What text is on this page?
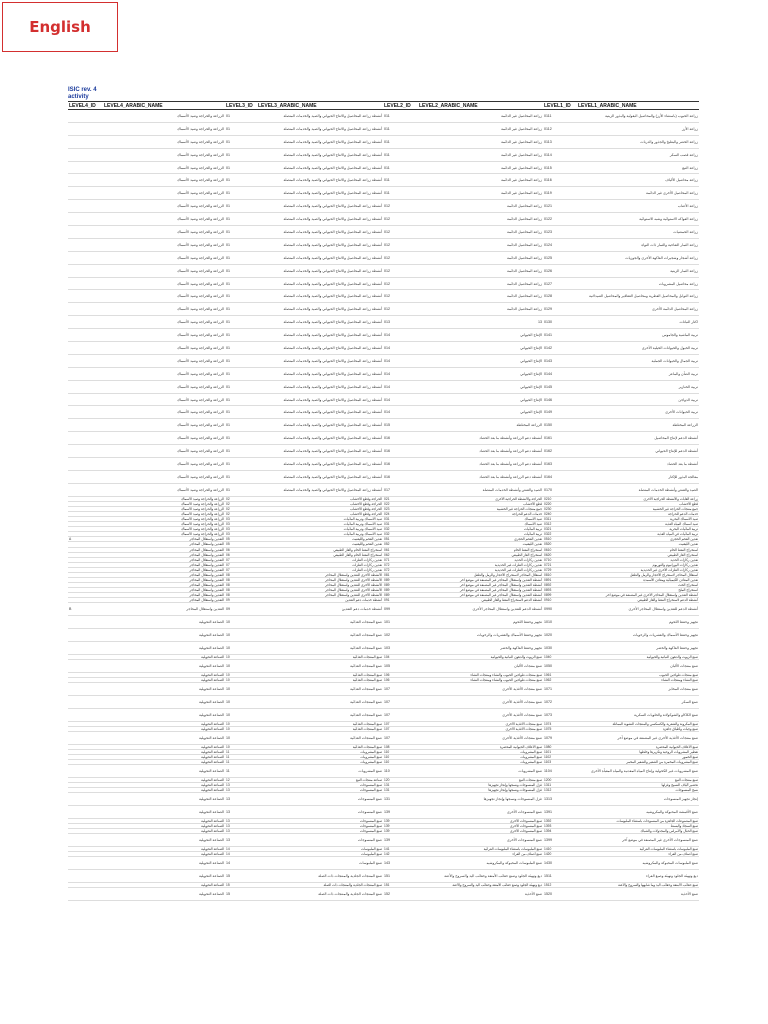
English
ISIC rev. 4
activity
LEVEL4_ID	LEVEL4_ARABIC_NAME	LEVEL3_ID	LEVEL3_ARABIC_NAME	LEVEL2_ID	LEVEL2_ARABIC_NAME	LEVEL1_ID	LEVEL1_ARABIC_NAME
	الزراعة والحراجة وصيد الأسماك	01	أنشطة زراعة المحاصيل والانتاج الحيواني والصيد والخدمات المتصلة	011	زراعة المحاصيل غير الدائمة	0111	زراعة الحبوب (باستثناء الأرز) والمحاصيل البقولية والبذور الزيتية
	الزراعة والحراجة وصيد الأسماك	01	أنشطة زراعة المحاصيل والانتاج الحيواني والصيد والخدمات المتصلة	011	زراعة المحاصيل غير الدائمة	0112	زراعة الأرز
	الزراعة والحراجة وصيد الأسماك	01	أنشطة زراعة المحاصيل والانتاج الحيواني والصيد والخدمات المتصلة	011	زراعة المحاصيل غير الدائمة	0113	زراعة الخضر والبطيخ والجذور والدرنات
	الزراعة والحراجة وصيد الأسماك	01	أنشطة زراعة المحاصيل والانتاج الحيواني والصيد والخدمات المتصلة	011	زراعة المحاصيل غير الدائمة	0114	زراعة قصب السكر
	الزراعة والحراجة وصيد الأسماك	01	أنشطة زراعة المحاصيل والانتاج الحيواني والصيد والخدمات المتصلة	011	زراعة المحاصيل غير الدائمة	0115	زراعة التبغ
	الزراعة والحراجة وصيد الأسماك	01	أنشطة زراعة المحاصيل والانتاج الحيواني والصيد والخدمات المتصلة	011	زراعة المحاصيل غير الدائمة	0116	زراعة محاصيل الألياف
	الزراعة والحراجة وصيد الأسماك	01	أنشطة زراعة المحاصيل والانتاج الحيواني والصيد والخدمات المتصلة	011	زراعة المحاصيل غير الدائمة	0119	زراعة المحاصيل الأخرى غير الدائمة
	الزراعة والحراجة وصيد الأسماك	01	أنشطة زراعة المحاصيل والانتاج الحيواني والصيد والخدمات المتصلة	012	زراعة المحاصيل الدائمة	0121	زراعة الأعناب
	الزراعة والحراجة وصيد الأسماك	01	أنشطة زراعة المحاصيل والانتاج الحيواني والصيد والخدمات المتصلة	012	زراعة المحاصيل الدائمة	0122	زراعة الفواكه الاستوائية وشبه الاستوائية
	الزراعة والحراجة وصيد الأسماك	01	أنشطة زراعة المحاصيل والانتاج الحيواني والصيد والخدمات المتصلة	012	زراعة المحاصيل الدائمة	0123	زراعة الحمضيات
	الزراعة والحراجة وصيد الأسماك	01	أنشطة زراعة المحاصيل والانتاج الحيواني والصيد والخدمات المتصلة	012	زراعة المحاصيل الدائمة	0124	زراعة الثمار التفاحية والثمار ذات النواة
	الزراعة والحراجة وصيد الأسماك	01	أنشطة زراعة المحاصيل والانتاج الحيواني والصيد والخدمات المتصلة	012	زراعة المحاصيل الدائمة	0125	زراعة أشجار وشجيرات الفاكهة الأخرى والجوزيات
	الزراعة والحراجة وصيد الأسماك	01	أنشطة زراعة المحاصيل والانتاج الحيواني والصيد والخدمات المتصلة	012	زراعة المحاصيل الدائمة	0126	زراعة الثمار الزيتية
	الزراعة والحراجة وصيد الأسماك	01	أنشطة زراعة المحاصيل والانتاج الحيواني والصيد والخدمات المتصلة	012	زراعة المحاصيل الدائمة	0127	زراعة محاصيل المشروبات
	الزراعة والحراجة وصيد الأسماك	01	أنشطة زراعة المحاصيل والانتاج الحيواني والصيد والخدمات المتصلة	012	زراعة المحاصيل الدائمة	0128	زراعة التوابل والمحاصيل العطرية ومحاصيل العقاقير والمحاصيل الصيدلانية
	الزراعة والحراجة وصيد الأسماك	01	أنشطة زراعة المحاصيل والانتاج الحيواني والصيد والخدمات المتصلة	012	زراعة المحاصيل الدائمة	0129	زراعة المحاصيل الدائمة الأخرى
	الزراعة والحراجة وصيد الأسماك	01	أنشطة زراعة المحاصيل والانتاج الحيواني والصيد والخدمات المتصلة	013	13	0130	اكثار النباتات
	الزراعة والحراجة وصيد الأسماك	01	أنشطة زراعة المحاصيل والانتاج الحيواني والصيد والخدمات المتصلة	014	الإنتاج الحيواني	0141	تربية الماشية والجاموس
	الزراعة والحراجة وصيد الأسماك	01	أنشطة زراعة المحاصيل والانتاج الحيواني والصيد والخدمات المتصلة	014	الإنتاج الحيواني	0142	تربية الخيول والحيوانات الخيلية الأخرى
	الزراعة والحراجة وصيد الأسماك	01	أنشطة زراعة المحاصيل والانتاج الحيواني والصيد والخدمات المتصلة	014	الإنتاج الحيواني	0143	تربية الجمال والحيوانات الجملية
	الزراعة والحراجة وصيد الأسماك	01	أنشطة زراعة المحاصيل والانتاج الحيواني والصيد والخدمات المتصلة	014	الإنتاج الحيواني	0144	تربية الضأن والماعز
	الزراعة والحراجة وصيد الأسماك	01	أنشطة زراعة المحاصيل والانتاج الحيواني والصيد والخدمات المتصلة	014	الإنتاج الحيواني	0145	تربية الخنازير
	الزراعة والحراجة وصيد الأسماك	01	أنشطة زراعة المحاصيل والانتاج الحيواني والصيد والخدمات المتصلة	014	الإنتاج الحيواني	0146	تربية الدواجن
	الزراعة والحراجة وصيد الأسماك	01	أنشطة زراعة المحاصيل والانتاج الحيواني والصيد والخدمات المتصلة	014	الإنتاج الحيواني	0149	تربية الحيوانات الأخرى
	الزراعة والحراجة وصيد الأسماك	01	أنشطة زراعة المحاصيل والانتاج الحيواني والصيد والخدمات المتصلة	015	الزراعة المختلطة	0150	الزراعة المختلطة
	الزراعة والحراجة وصيد الأسماك	01	أنشطة زراعة المحاصيل والانتاج الحيواني والصيد والخدمات المتصلة	016	أنشطة دعم الزراعة وأنشطة ما بعد الحصاد	0161	أنشطة الدعم لإنتاج المحاصيل
	الزراعة والحراجة وصيد الأسماك	01	أنشطة زراعة المحاصيل والانتاج الحيواني والصيد والخدمات المتصلة	016	أنشطة دعم الزراعة وأنشطة ما بعد الحصاد	0162	أنشطة الدعم للإنتاج الحيواني
	الزراعة والحراجة وصيد الأسماك	01	أنشطة زراعة المحاصيل والانتاج الحيواني والصيد والخدمات المتصلة	016	أنشطة دعم الزراعة وأنشطة ما بعد الحصاد	0163	أنشطة ما بعد الحصاد
	الزراعة والحراجة وصيد الأسماك	01	أنشطة زراعة المحاصيل والانتاج الحيواني والصيد والخدمات المتصلة	016	أنشطة دعم الزراعة وأنشطة ما بعد الحصاد	0164	معالجة البذور للإكثار
	الزراعة والحراجة وصيد الأسماك	01	أنشطة زراعة المحاصيل والانتاج الحيواني والصيد والخدمات المتصلة	017	الصيد والقنص وأنشطة الخدمات المتصلة	0170	الصيد والقنص وأنشطة الخدمات المتصلة
	الزراعة والحراجة وصيد الأسماك	02	الحراجة وقطع الأخشاب	021	الحراجة والأنشطة الحراجية الأخرى	0210	زراعة الغابات والأنشطة الحراجية الأخرى
	الزراعة والحراجة وصيد الأسماك	02	الحراجة وقطع الأخشاب	022	قطع الأخشاب	0220	قطع الأخشاب
	الزراعة والحراجة وصيد الأسماك	02	الحراجة وقطع الأخشاب	023	جمع منتجات الحراجة غير الخشبية	0230	جمع منتجات الحراجة غير الخشبية
	الزراعة والحراجة وصيد الأسماك	02	الحراجة وقطع الأخشاب	024	خدمات الدعم للحراجة	0240	خدمات الدعم للحراجة
	الزراعة والحراجة وصيد الأسماك	03	صيد الأسماك وتربية المائيات	031	صيد الأسماك	0311	صيد الأسماك البحرية
	الزراعة والحراجة وصيد الأسماك	03	صيد الأسماك وتربية المائيات	031	صيد الأسماك	0312	صيد أسماك المياه العذبة
	الزراعة والحراجة وصيد الأسماك	03	صيد الأسماك وتربية المائيات	032	تربية المائيات	0321	تربية المائيات البحرية
	الزراعة والحراجة وصيد الأسماك	03	صيد الأسماك وتربية المائيات	032	تربية المائيات	0322	تربية المائيات في المياه العذبة
A	التعدين واستغلال المحاجر	05	تعدين الفحم والليغنيت	051	تعدين الفحم الحجري	0510	تعدين الفحم الحجري
	التعدين واستغلال المحاجر	05	تعدين الفحم والليغنيت	052	تعدين الليغنيت	0520	تعدين الليغنيت
	التعدين واستغلال المحاجر	06	استخراج النفط الخام والغاز الطبيعي	061	استخراج النفط الخام	0610	استخراج النفط الخام
	التعدين واستغلال المحاجر	06	استخراج النفط الخام والغاز الطبيعي	062	استخراج الغاز الطبيعي	0620	استخراج الغاز الطبيعي
	التعدين واستغلال المحاجر	07	تعدين ركازات الفلزات	071	تعدين ركازات الحديد	0710	تعدين ركازات الحديد
	التعدين واستغلال المحاجر	07	تعدين ركازات الفلزات	072	تعدين ركازات الفلزات غير الحديدية	0721	تعدين ركازات اليورانيوم والثوريوم
	التعدين واستغلال المحاجر	07	تعدين ركازات الفلزات	072	تعدين ركازات الفلزات غير الحديدية	0729	تعدين ركازات الفلزات الأخرى غير الحديدية
	التعدين واستغلال المحاجر	08	الأنشطة الأخرى للتعدين واستغلال المحاجر	081	استغلال المحاجر لاستخراج الأحجار والرمل والطفل	0810	استغلال المحاجر لاستخراج الأحجار والرمل والطفل
	التعدين واستغلال المحاجر	08	الأنشطة الأخرى للتعدين واستغلال المحاجر	089	أنشطة التعدين واستغلال المحاجر غير المصنفة في موضع آخر	0891	تعدين المعادن الكيميائية ومعادن الأسمدة
	التعدين واستغلال المحاجر	08	الأنشطة الأخرى للتعدين واستغلال المحاجر	089	أنشطة التعدين واستغلال المحاجر غير المصنفة في موضع آخر	0892	استخراج الخث
	التعدين واستغلال المحاجر	08	الأنشطة الأخرى للتعدين واستغلال المحاجر	089	أنشطة التعدين واستغلال المحاجر غير المصنفة في موضع آخر	0893	استخراج الملح
	التعدين واستغلال المحاجر	08	الأنشطة الأخرى للتعدين واستغلال المحاجر	089	أنشطة التعدين واستغلال المحاجر غير المصنفة في موضع آخر	0899	أنشطة التعدين واستغلال المحاجر الأخرى غير المصنفة في موضع آخر
	التعدين واستغلال المحاجر	09	أنشطة خدمات دعم التعدين	091	أنشطة الدعم لاستخراج النفط والغاز الطبيعي	0910	أنشطة الدعم لاستخراج النفط والغاز الطبيعي
B	التعدين واستغلال المحاجر	09	أنشطة خدمات دعم التعدين	099	أنشطة الدعم للتعدين واستغلال المحاجر الأخرى	0990	أنشطة الدعم للتعدين واستغلال المحاجر الأخرى
	الصناعة التحويلية	10	صنع المنتجات الغذائية	101	تجهيز وحفظ اللحوم	1010	تجهيز وحفظ اللحوم
	الصناعة التحويلية	10	صنع المنتجات الغذائية	102	تجهيز وحفظ الأسماك والقشريات والرخويات	1020	تجهيز وحفظ الأسماك والقشريات والرخويات
	الصناعة التحويلية	10	صنع المنتجات الغذائية	103	تجهيز وحفظ الفاكهة والخضر	1030	تجهيز وحفظ الفاكهة والخضر
	الصناعة التحويلية	10	صنع المنتجات الغذائية	104	صنع الزيوت والدهون النباتية والحيوانية	1040	صنع الزيوت والدهون النباتية والحيوانية
	الصناعة التحويلية	10	صنع المنتجات الغذائية	105	صنع منتجات الألبان	1050	صنع منتجات الألبان
	الصناعة التحويلية	10	صنع المنتجات الغذائية	106	صنع منتجات طواحين الحبوب والنشاء ومنتجات النشاء	1061	صنع منتجات طواحين الحبوب
	الصناعة التحويلية	10	صنع المنتجات الغذائية	106	صنع منتجات طواحين الحبوب والنشاء ومنتجات النشاء	1062	صنع النشاء ومنتجات النشاء
	الصناعة التحويلية	10	صنع المنتجات الغذائية	107	صنع منتجات الأغذية الأخرى	1071	صنع منتجات المخابز
	الصناعة التحويلية	10	صنع المنتجات الغذائية	107	صنع منتجات الأغذية الأخرى	1072	صنع السكر
	الصناعة التحويلية	10	صنع المنتجات الغذائية	107	صنع منتجات الأغذية الأخرى	1073	صنع الكاكاو والشوكولاتة والحلويات السكرية
	الصناعة التحويلية	10	صنع المنتجات الغذائية	107	صنع منتجات الأغذية الأخرى	1074	صنع المكرونة والشعرية والكسكسي والمنتجات النشوية المماثلة
	الصناعة التحويلية	10	صنع المنتجات الغذائية	107	صنع منتجات الأغذية الأخرى	1075	صنع وجبات وأطباق جاهزة
	الصناعة التحويلية	10	صنع المنتجات الغذائية	107	صنع منتجات الأغذية الأخرى	1079	صنع منتجات الأغذية الأخرى غير المصنفة في موضع آخر
	الصناعة التحويلية	10	صنع المنتجات الغذائية	108	صنع الأعلاف الحيوانية المحضرة	1080	صنع الأعلاف الحيوانية المحضرة
	الصناعة التحويلية	11	صنع المشروبات	110	صنع المشروبات	1101	تقطير المشروبات الروحية وتكريرها وخلطها
	الصناعة التحويلية	11	صنع المشروبات	110	صنع المشروبات	1102	صنع الخمور
	الصناعة التحويلية	11	صنع المشروبات	110	صنع المشروبات	1103	صنع المشروبات المخمرة من الشعير والشعير المخمر
	الصناعة التحويلية	11	صنع المشروبات	110	صنع المشروبات	1104	صنع المشروبات غير الكحولية وإنتاج المياه المعدنية والمياه المعبأة الأخرى
	الصناعة التحويلية	12	صناعة منتجات التبغ	120	صنع منتجات التبغ	1200	صنع منتجات التبغ
	الصناعة التحويلية	13	صنع المنسوجات	131	غزل المنسوجات ونسجها وإنجاز تجهيزها	1311	تحضير ألياف النسيج وغزلها
	الصناعة التحويلية	13	صنع المنسوجات	131	غزل المنسوجات ونسجها وإنجاز تجهيزها	1312	نسج المنسوجات
	الصناعة التحويلية	13	صنع المنسوجات	131	غزل المنسوجات ونسجها وإنجاز تجهيزها	1313	إنجاز تجهيز المنسوجات
	الصناعة التحويلية	13	صنع المنسوجات	139	صنع المنسوجات الأخرى	1391	صنع الأقمشة المحبوكة والمكروشيه
	الصناعة التحويلية	13	صنع المنسوجات	139	صنع المنسوجات الأخرى	1392	صنع المصنوعات الجاهزة من المنسوجات باستثناء الملبوسات
	الصناعة التحويلية	13	صنع المنسوجات	139	صنع المنسوجات الأخرى	1393	صنع السجاد والبسط
	الصناعة التحويلية	13	صنع المنسوجات	139	صنع المنسوجات الأخرى	1394	صنع الحبال والأمراس والمجدولات والشباك
	الصناعة التحويلية	13	صنع المنسوجات	139	صنع المنسوجات الأخرى	1399	صنع المنسوجات الأخرى غير المصنفة في موضع آخر
	الصناعة التحويلية	14	صنع الملبوسات	141	صنع الملبوسات باستثناء الملبوسات الفرائية	1410	صنع الملبوسات باستثناء الملبوسات الفرائية
	الصناعة التحويلية	14	صنع الملبوسات	142	صنع أصناف من الفراء	1420	صنع أصناف من الفراء
	الصناعة التحويلية	14	صنع الملبوسات	143	صنع الملبوسات المحبوكة والمكروشيه	1430	صنع الملبوسات المحبوكة والمكروشيه
	الصناعة التحويلية	15	صنع المنتجات الجلدية والمنتجات ذات الصلة	151	دبغ وتهيئة الجلود وصنع حقائب الأمتعة وحقائب اليد والسروج والأعنة	1511	دبغ وتهيئة الجلود وتهيئة وصبغ الفراء
	الصناعة التحويلية	15	صنع المنتجات الجلدية والمنتجات ذات الصلة	151	دبغ وتهيئة الجلود وصنع حقائب الأمتعة وحقائب اليد والسروج والأعنة	1512	صنع حقائب الأمتعة وحقائب اليد وما شابهها والسروج والأعنة
	الصناعة التحويلية	15	صنع المنتجات الجلدية والمنتجات ذات الصلة	152	صنع الأحذية	1520	صنع الأحذية
